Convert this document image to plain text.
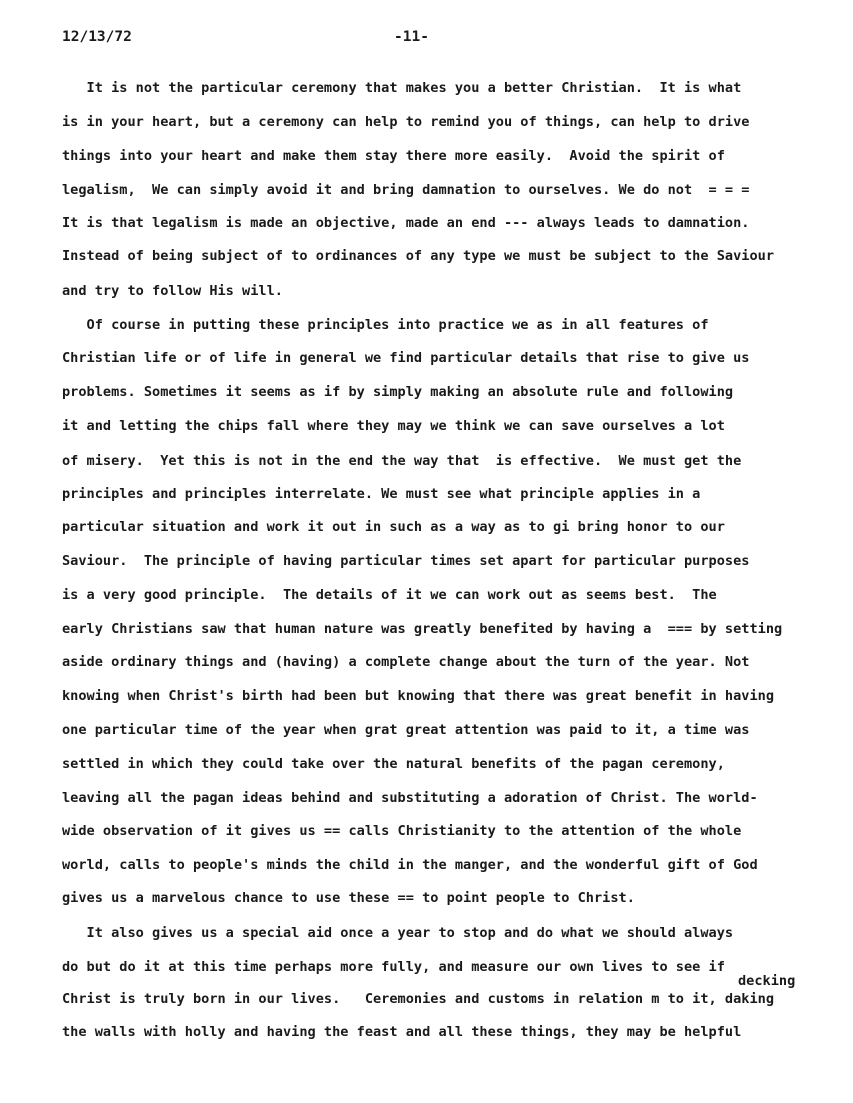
12/13/72	-11-
It is not the particular ceremony that makes you a better Christian.  It is what
is in your heart, but a ceremony can help to remind you of things, can help to drive
things into your heart and make them stay there more easily.  Avoid the spirit of
legalism,  We can simply avoid it and bring damnation to ourselves. We do not  = = =
It is that legalism is made an objective, made an end --- always leads to damnation.
Instead of being subject of to ordinances of any type we must be subject to the Saviour
and try to follow His will.
Of course in putting these principles into practice we as in all features of
Christian life or of life in general we find particular details that rise to give us
problems. Sometimes it seems as if by simply making an absolute rule and following
it and letting the chips fall where they may we think we can save ourselves a lot
of misery.  Yet this is not in the end the way that  is effective.  We must get the
principles and principles interrelate. We must see what principle applies in a
particular situation and work it out in such as a way as to gi bring honor to our
Saviour.  The principle of having particular times set apart for particular purposes
is a very good principle.  The details of it we can work out as seems best.  The
early Christians saw that human nature was greatly benefited by having a  === by setting
aside ordinary things and (having) a complete change about the turn of the year. Not
knowing when Christ's birth had been but knowing that there was great benefit in having
one particular time of the year when grat great attention was paid to it, a time was
settled in which they could take over the natural benefits of the pagan ceremony,
leaving all the pagan ideas behind and substituting a adoration of Christ. The world-
wide observation of it gives us == calls Christianity to the attention of the whole
world, calls to people's minds the child in the manger, and the wonderful gift of God
gives us a marvelous chance to use these == to point people to Christ.
It also gives us a special aid once a year to stop and do what we should always
do but do it at this time perhaps more fully, and measure our own lives to see if
Christ is truly born in our lives.   Ceremonies and customs in relation m to it, daking
the walls with holly and having the feast and all these things, they may be helpful
decking
